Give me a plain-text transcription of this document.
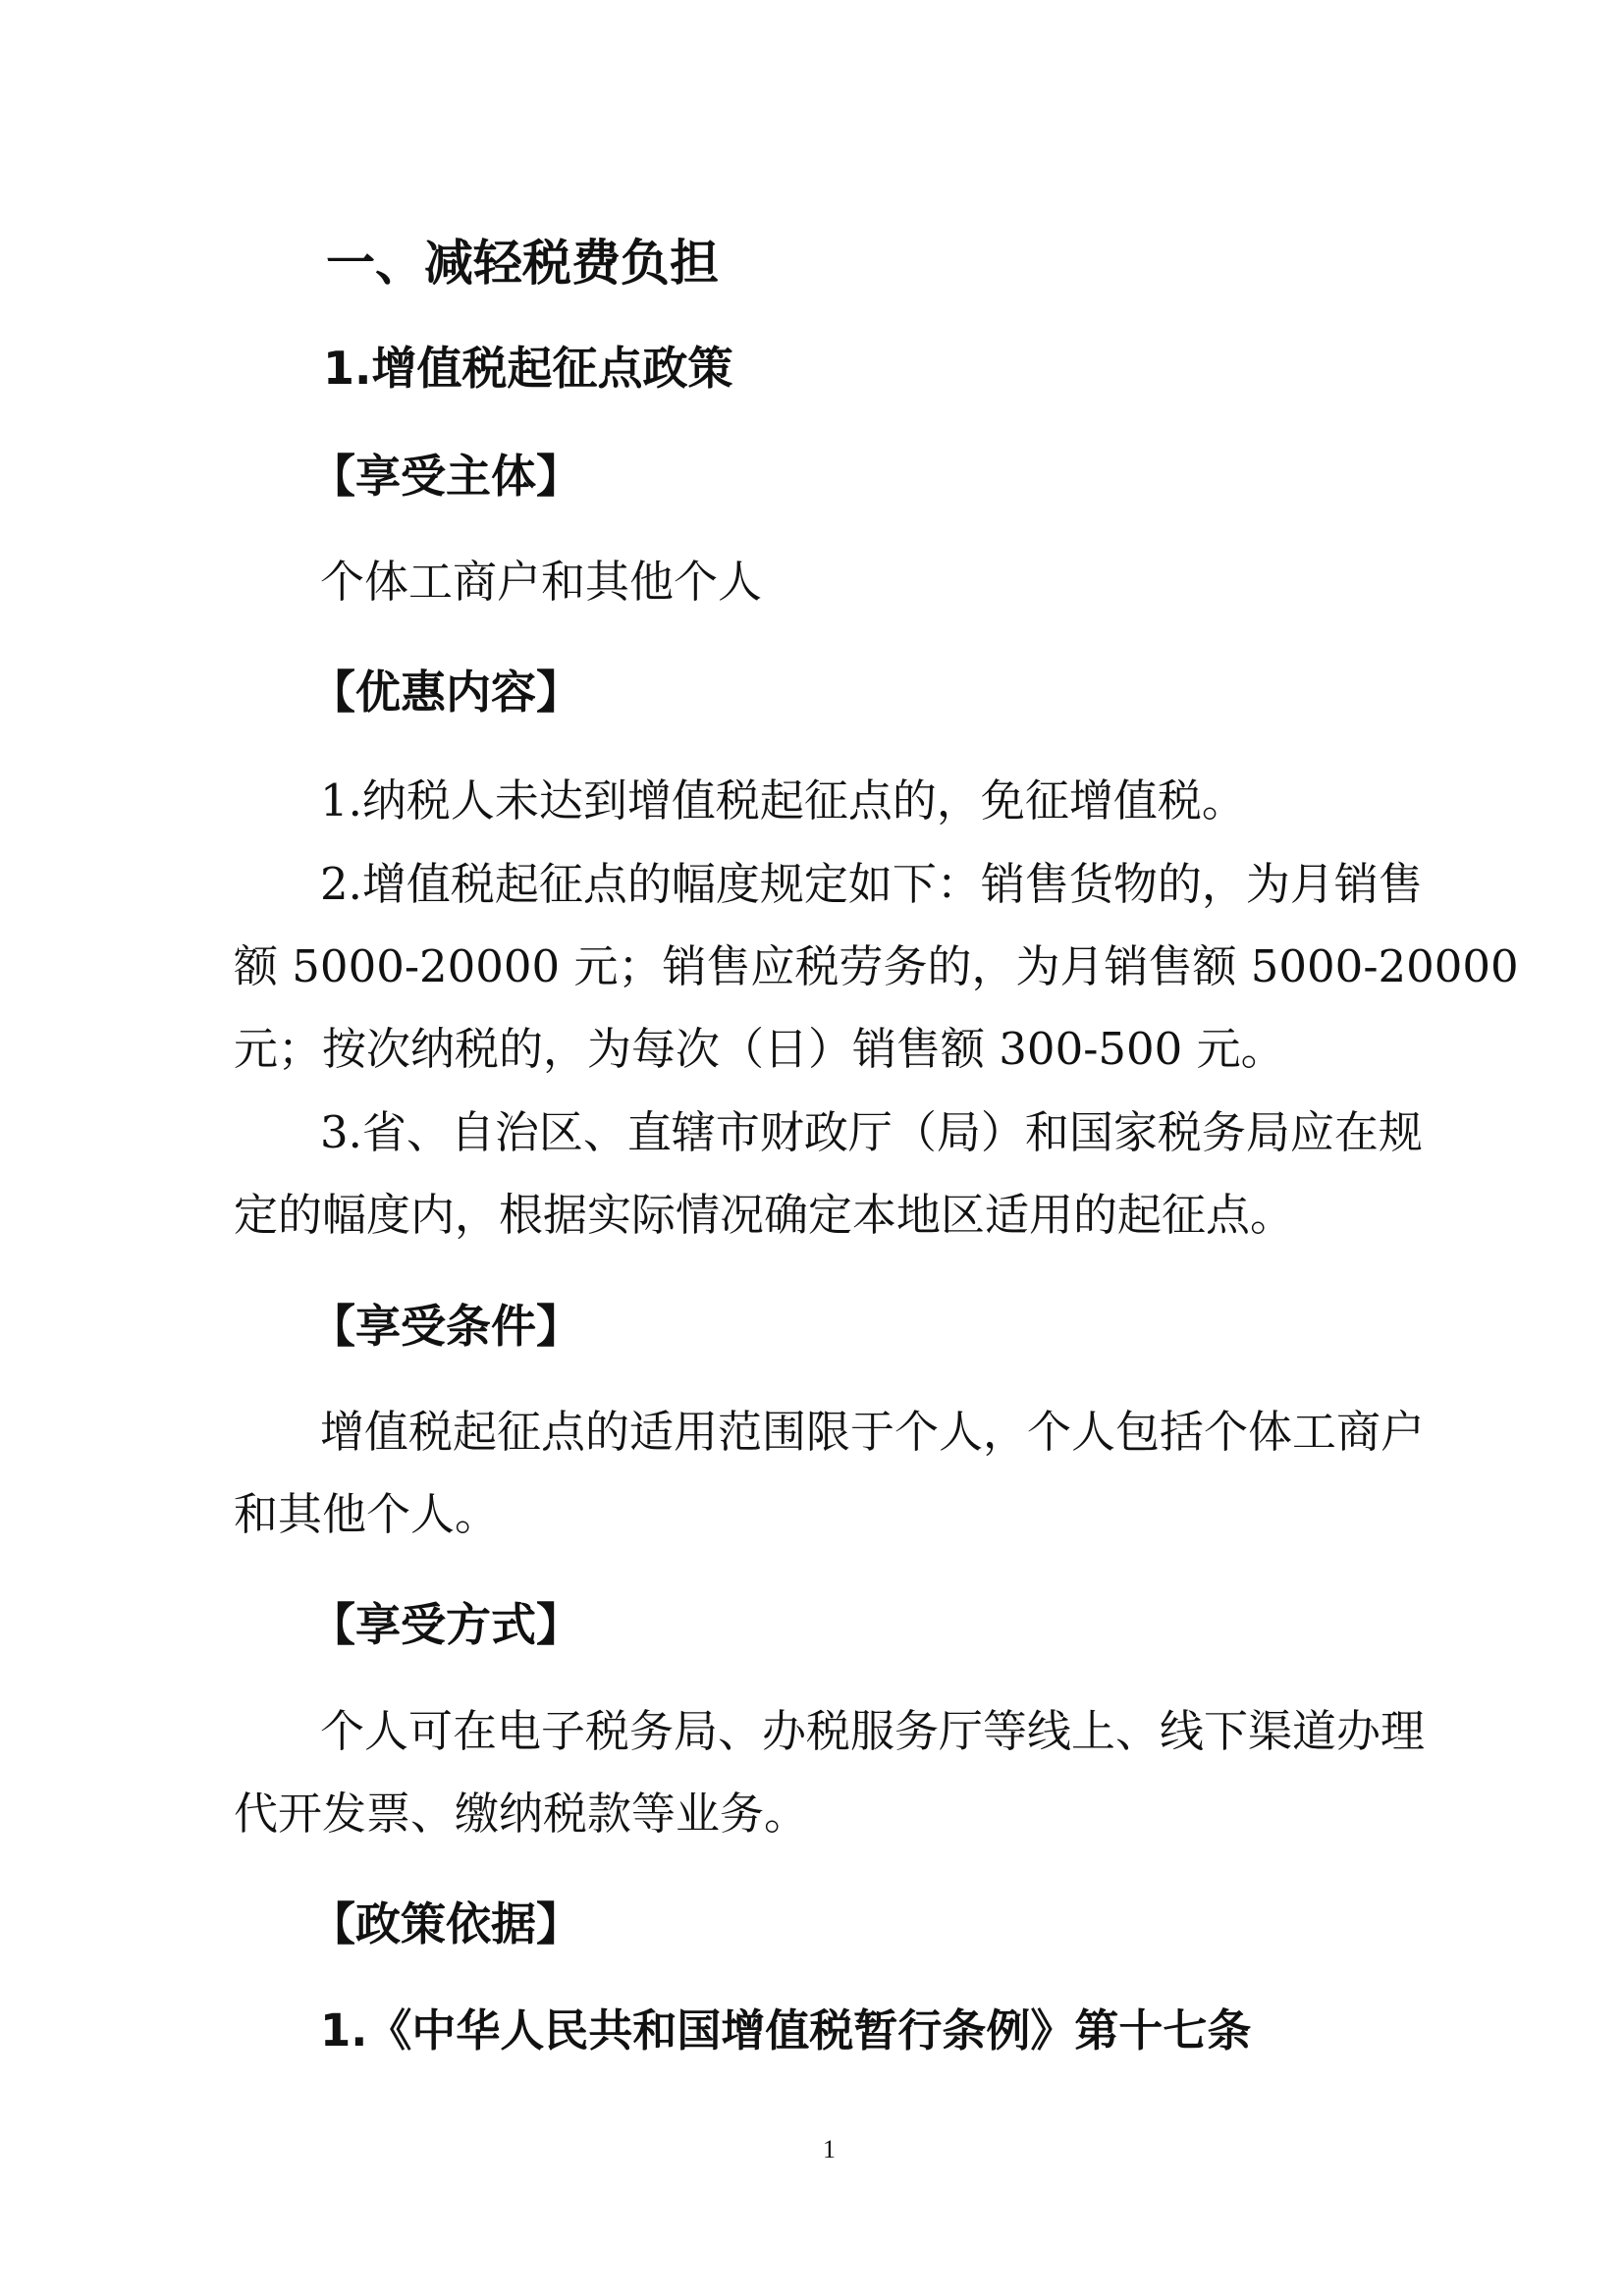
一、减轻税费负担
1.增值税起征点政策
【享受主体】
个体工商户和其他个人
【优惠内容】
1.纳税人未达到增值税起征点的，免征增值税。
2.增值税起征点的幅度规定如下：销售货物的，为月销售
额 5000-20000 元；销售应税劳务的，为月销售额 5000-20000
元；按次纳税的，为每次（日）销售额 300-500 元。
3.省、自治区、直辖市财政厅（局）和国家税务局应在规
定的幅度内，根据实际情况确定本地区适用的起征点。
【享受条件】
增值税起征点的适用范围限于个人，个人包括个体工商户
和其他个人。
【享受方式】
个人可在电子税务局、办税服务厅等线上、线下渠道办理
代开发票、缴纳税款等业务。
【政策依据】
1.《中华人民共和国增值税暂行条例》第十七条
1
